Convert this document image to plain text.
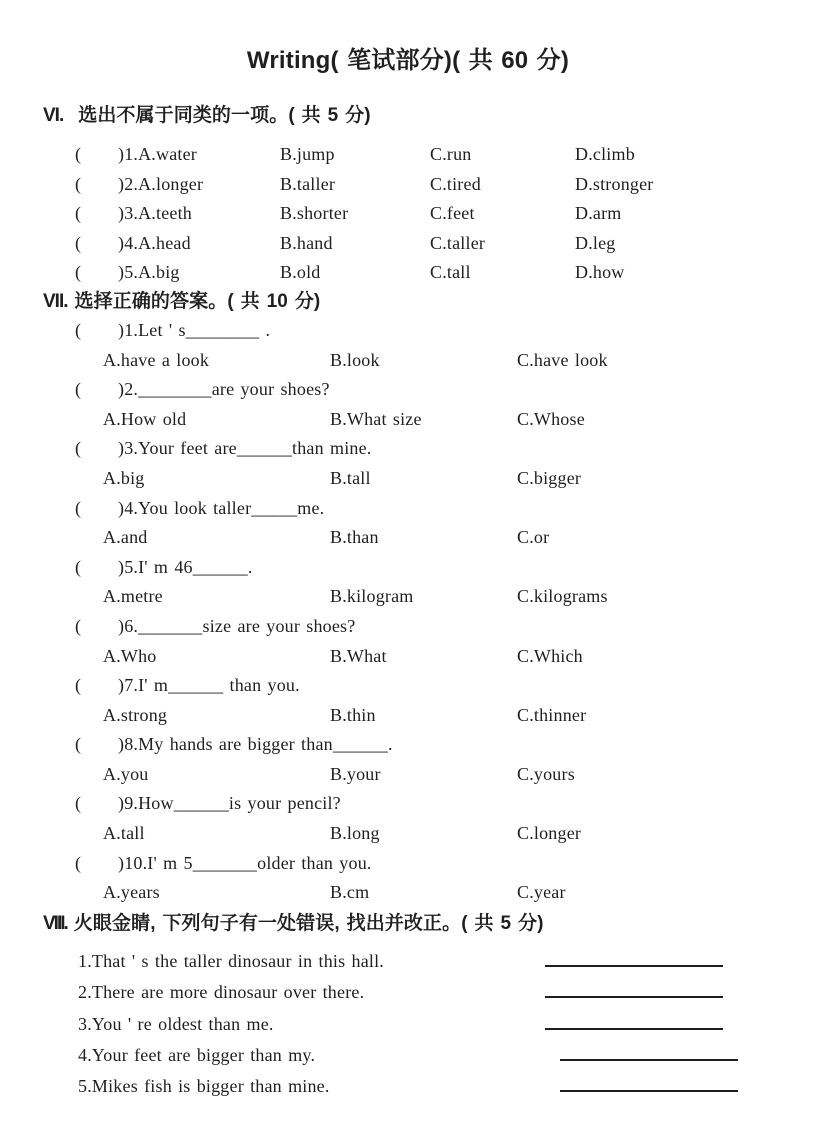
Writing( 笔试部分)( 共 60 分)
VI. 选出不属于同类的一项。( 共 5 分)
(	)1.A.water	B.jump	C.run	D.climb
(	)2.A.longer	B.taller	C.tired	D.stronger
(	)3.A.teeth	B.shorter	C.feet	D.arm
(	)4.A.head	B.hand	C.taller	D.leg
(	)5.A.big	B.old	C.tall	D.how
VII. 选择正确的答案。( 共 10 分)
(	)1.Let ' s________ .
A.have a look	B.look	C.have look
(	)2.________are your shoes?
A.How old	B.What size	C.Whose
(	)3.Your feet are______than mine.
A.big	B.tall	C.bigger
(	)4.You look taller_____me.
A.and	B.than	C.or
(	)5.I' m 46______.
A.metre	B.kilogram	C.kilograms
(	)6._______size are your shoes?
A.Who	B.What	C.Which
(	)7.I' m______ than you.
A.strong	B.thin	C.thinner
(	)8.My hands are bigger than______.
A.you	B.your	C.yours
(	)9.How______is your pencil?
A.tall	B.long	C.longer
(	)10.I' m 5_______older than you.
A.years	B.cm	C.year
VIII. 火眼金睛, 下列句子有一处错误, 找出并改正。( 共 5 分)
1.That ' s the taller dinosaur in this hall.
2.There are more dinosaur over there.
3.You ' re oldest than me.
4.Your feet are bigger than my.
5.Mikes fish is bigger than mine.
